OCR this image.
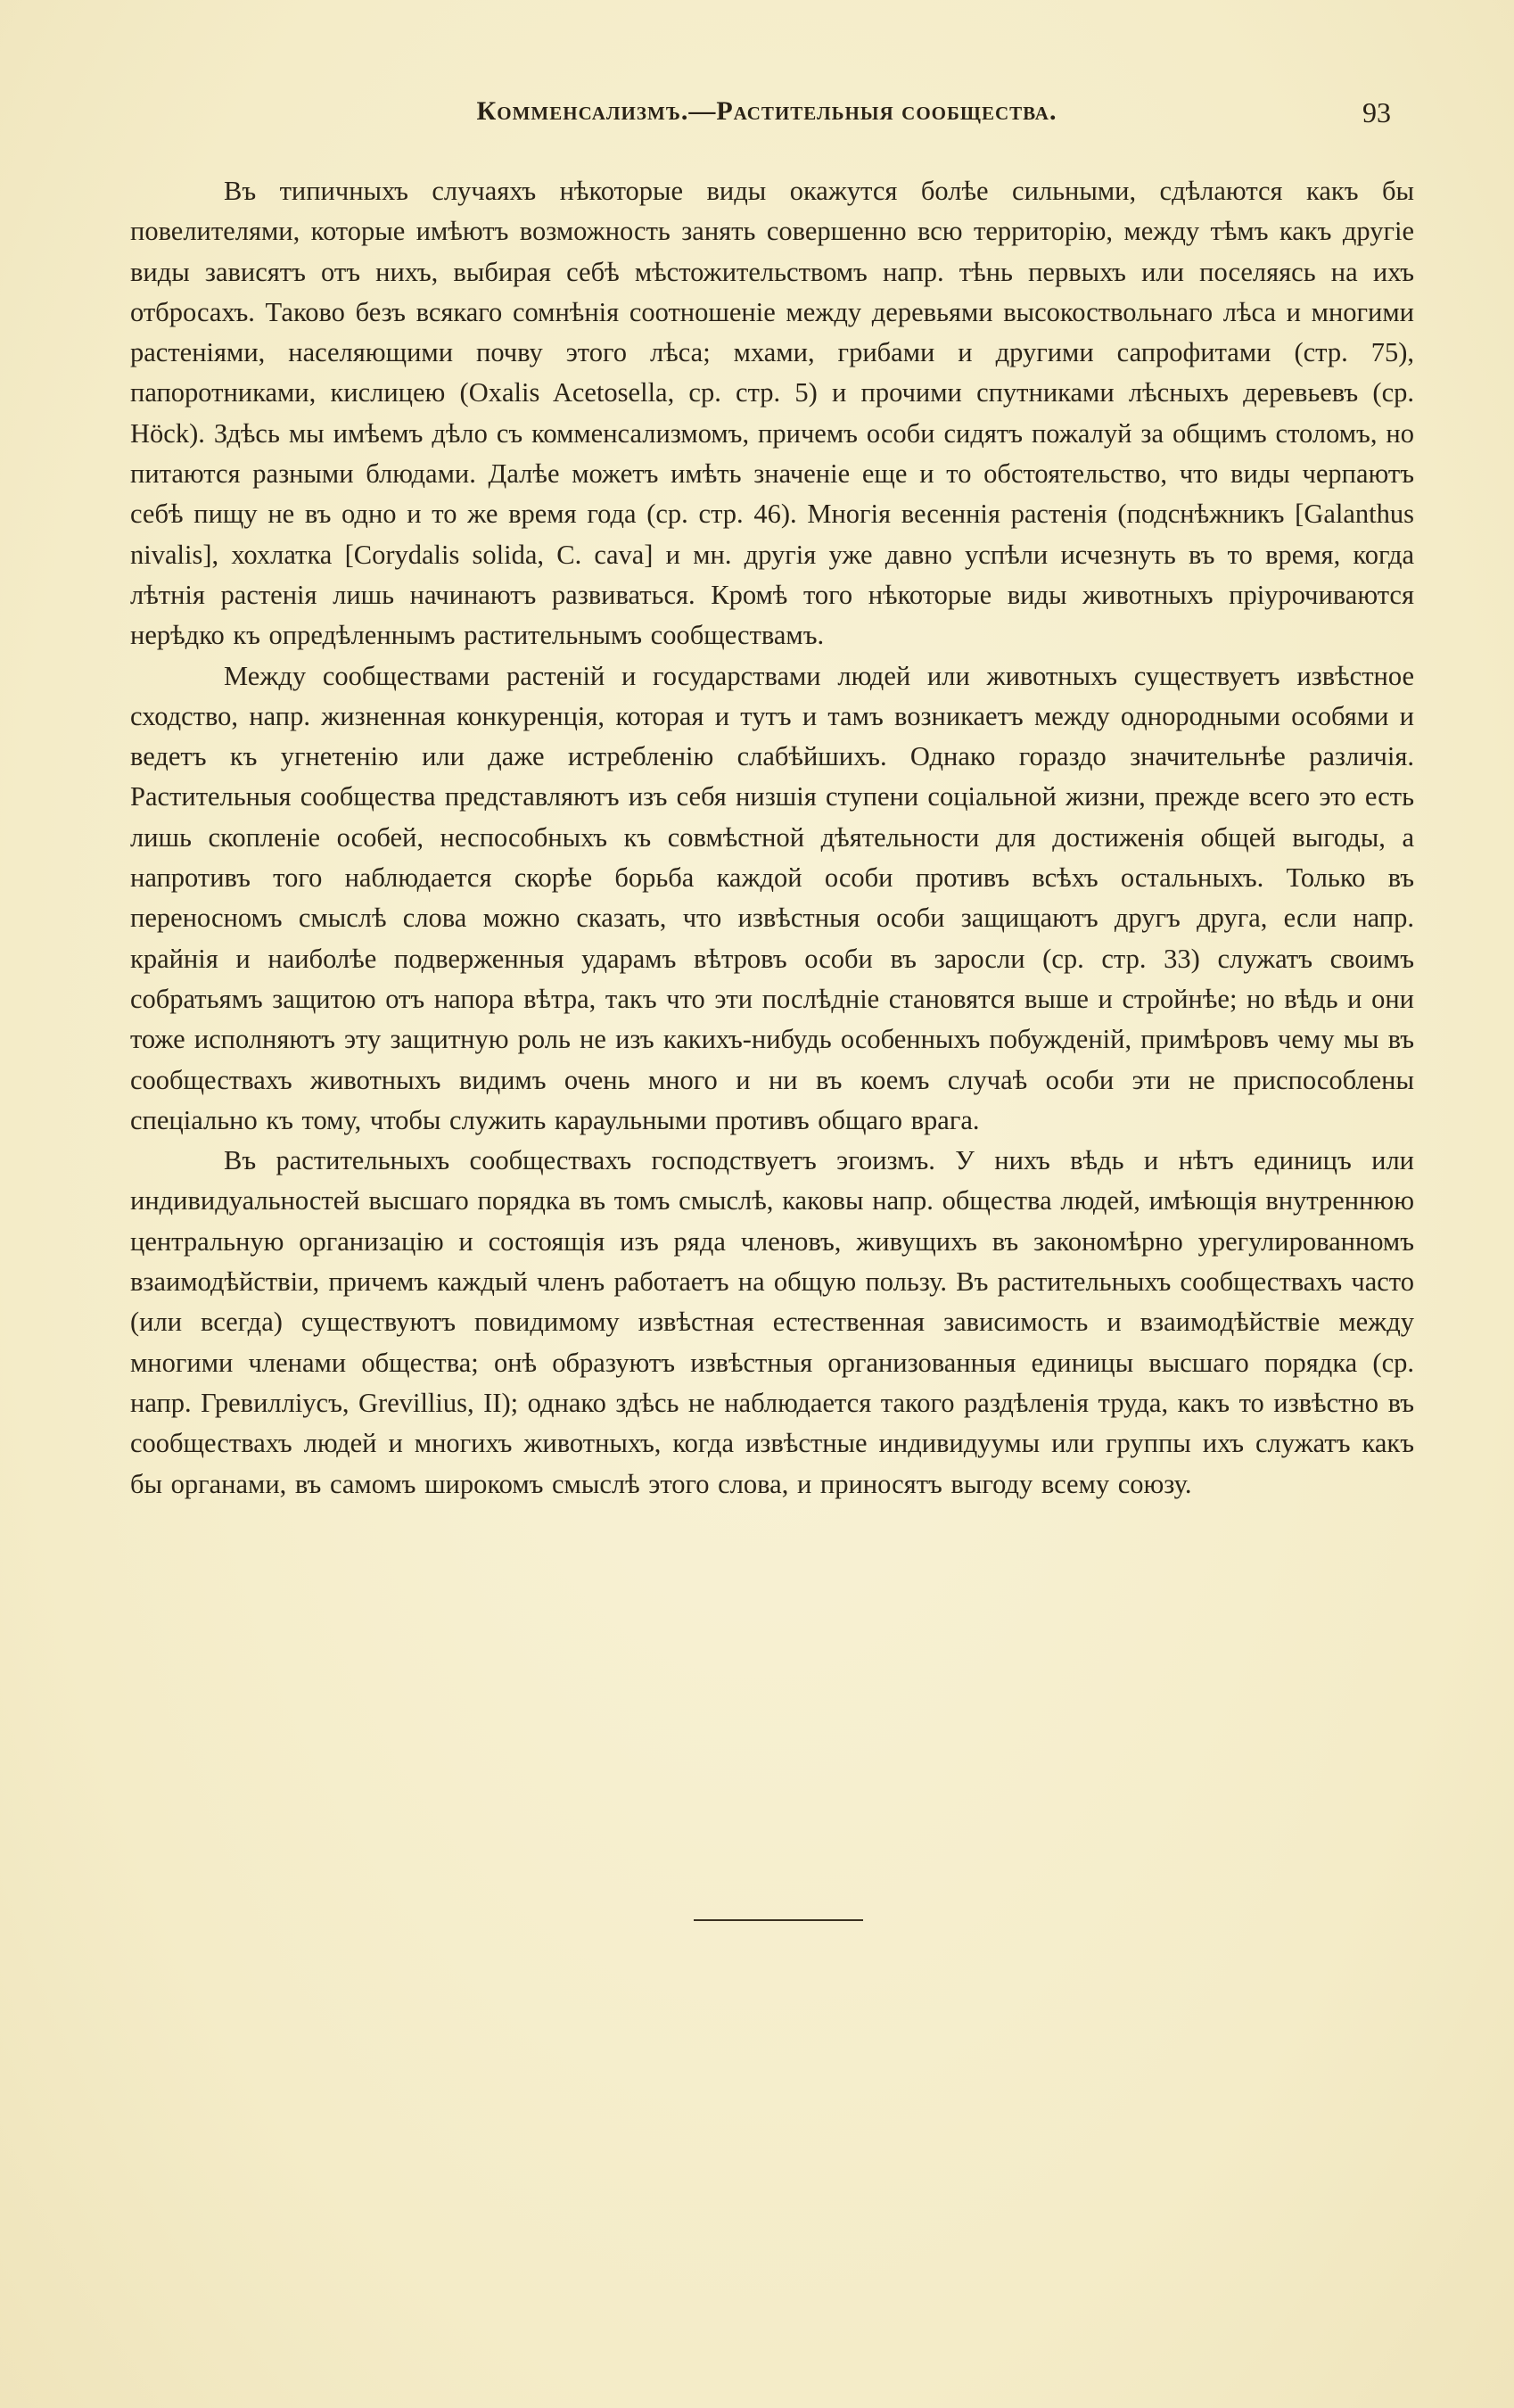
Комменсализмъ.—Растительныя сообщества.	93

Въ типичныхъ случаяхъ нѣкоторые виды окажутся болѣе сильными, сдѣлаются какъ бы повелителями, которые имѣютъ возможность занять совершенно всю территорію, между тѣмъ какъ другіе виды зависятъ отъ нихъ, выбирая себѣ мѣстожительствомъ напр. тѣнь первыхъ или поселяясь на ихъ отбросахъ. Таково безъ всякаго сомнѣнія соотношеніе между деревьями высокоствольнаго лѣса и многими растеніями, населяющими почву этого лѣса; мхами, грибами и другими сапрофитами (стр. 75), папоротниками, кислицею (Oxalis Acetosella, ср. стр. 5) и прочими спутниками лѣсныхъ деревьевъ (ср. Höck). Здѣсь мы имѣемъ дѣло съ комменсализмомъ, причемъ особи сидятъ пожалуй за общимъ столомъ, но питаются разными блюдами. Далѣе можетъ имѣть значеніе еще и то обстоятельство, что виды черпаютъ себѣ пищу не въ одно и то же время года (ср. стр. 46). Многія весеннія растенія (подснѣжникъ [Galanthus nivalis], хохлатка [Corydalis solida, C. cava] и мн. другія уже давно успѣли исчезнуть въ то время, когда лѣтнія растенія лишь начинаютъ развиваться. Кромѣ того нѣкоторые виды животныхъ пріурочиваются нерѣдко къ опредѣленнымъ растительнымъ сообществамъ.

Между сообществами растеній и государствами людей или животныхъ существуетъ извѣстное сходство, напр. жизненная конкуренція, которая и тутъ и тамъ возникаетъ между однородными особями и ведетъ къ угнетенію или даже истребленію слабѣйшихъ. Однако гораздо значительнѣе различія. Растительныя сообщества представляютъ изъ себя низшія ступени соціальной жизни, прежде всего это есть лишь скопленіе особей, неспособныхъ къ совмѣстной дѣятельности для достиженія общей выгоды, а напротивъ того наблюдается скорѣе борьба каждой особи противъ всѣхъ остальныхъ. Только въ переносномъ смыслѣ слова можно сказать, что извѣстныя особи защищаютъ другъ друга, если напр. крайнія и наиболѣе подверженныя ударамъ вѣтровъ особи въ заросли (ср. стр. 33) служатъ своимъ собратьямъ защитою отъ напора вѣтра, такъ что эти послѣдніе становятся выше и стройнѣе; но вѣдь и они тоже исполняютъ эту защитную роль не изъ какихъ-нибудь особенныхъ побужденій, примѣровъ чему мы въ сообществахъ животныхъ видимъ очень много и ни въ коемъ случаѣ особи эти не приспособлены спеціально къ тому, чтобы служить караульными противъ общаго врага.

Въ растительныхъ сообществахъ господствуетъ эгоизмъ. У нихъ вѣдь и нѣтъ единицъ или индивидуальностей высшаго порядка въ томъ смыслѣ, каковы напр. общества людей, имѣющія внутреннюю центральную организацію и состоящія изъ ряда членовъ, живущихъ въ закономѣрно урегулированномъ взаимодѣйствіи, причемъ каждый членъ работаетъ на общую пользу. Въ растительныхъ сообществахъ часто (или всегда) существуютъ повидимому извѣстная естественная зависимость и взаимодѣйствіе между многими членами общества; онѣ образуютъ извѣстныя организованныя единицы высшаго порядка (ср. напр. Гревилліусъ, Grevillius, II); однако здѣсь не наблюдается такого раздѣленія труда, какъ то извѣстно въ сообществахъ людей и многихъ животныхъ, когда извѣстные индивидуумы или группы ихъ служатъ какъ бы органами, въ самомъ широкомъ смыслѣ этого слова, и приносятъ выгоду всему союзу.
